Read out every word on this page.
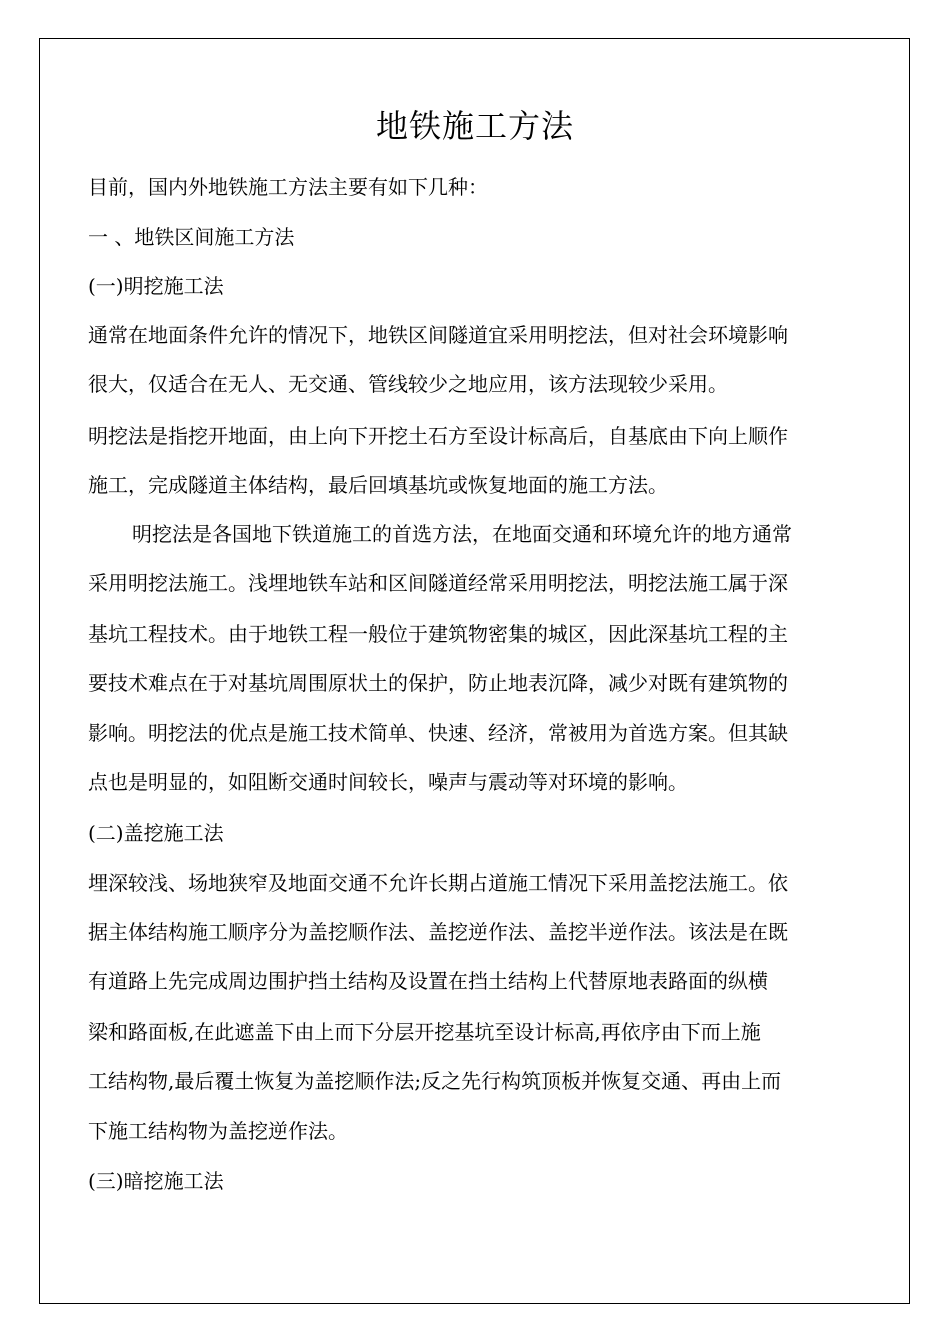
地铁施工方法
目前，国内外地铁施工方法主要有如下几种：
一 、地铁区间施工方法
(一)明挖施工法
通常在地面条件允许的情况下，地铁区间隧道宜采用明挖法，但对社会环境影响
很大，仅适合在无人、无交通、管线较少之地应用，该方法现较少采用。
明挖法是指挖开地面，由上向下开挖土石方至设计标高后，自基底由下向上顺作
施工，完成隧道主体结构，最后回填基坑或恢复地面的施工方法。
明挖法是各国地下铁道施工的首选方法，在地面交通和环境允许的地方通常
采用明挖法施工。浅埋地铁车站和区间隧道经常采用明挖法，明挖法施工属于深
基坑工程技术。由于地铁工程一般位于建筑物密集的城区，因此深基坑工程的主
要技术难点在于对基坑周围原状土的保护，防止地表沉降，减少对既有建筑物的
影响。明挖法的优点是施工技术简单、快速、经济，常被用为首选方案。但其缺
点也是明显的，如阻断交通时间较长，噪声与震动等对环境的影响。
(二)盖挖施工法
埋深较浅、场地狭窄及地面交通不允许长期占道施工情况下采用盖挖法施工。依
据主体结构施工顺序分为盖挖顺作法、盖挖逆作法、盖挖半逆作法。该法是在既
有道路上先完成周边围护挡土结构及设置在挡土结构上代替原地表路面的纵横
梁和路面板,在此遮盖下由上而下分层开挖基坑至设计标高,再依序由下而上施
工结构物,最后覆土恢复为盖挖顺作法;反之先行构筑顶板并恢复交通、再由上而
下施工结构物为盖挖逆作法。
(三)暗挖施工法
